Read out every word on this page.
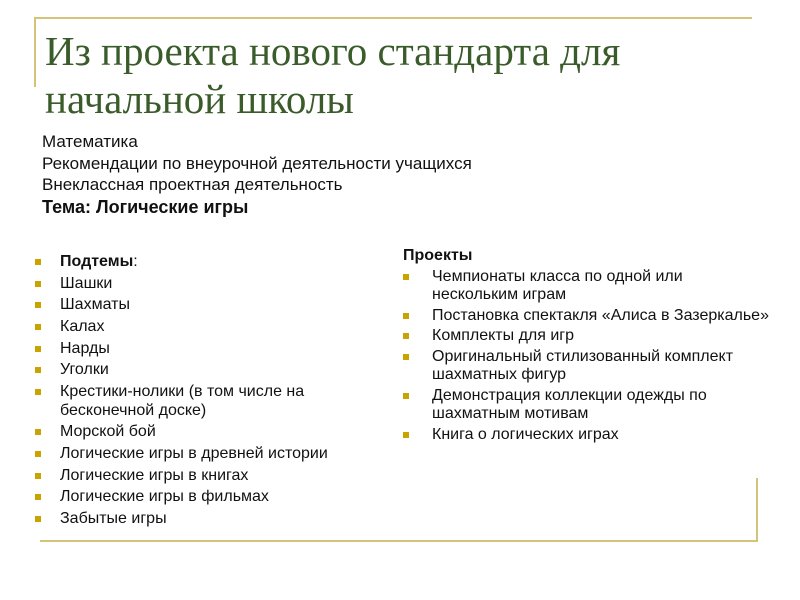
Из проекта нового стандарта для
начальной школы
Математика
Рекомендации по внеурочной деятельности учащихся
Внеклассная проектная деятельность
Тема: Логические игры
Подтемы:
Шашки
Шахматы
Калах
Нарды
Уголки
Крестики-нолики (в том числе на бесконечной доске)
Морской бой
Логические игры в древней истории
Логические игры в книгах
Логические игры в фильмах
Забытые игры
Проекты
Чемпионаты класса по одной или нескольким играм
Постановка спектакля «Алиса в Зазеркалье»
Комплекты для игр
Оригинальный стилизованный комплект шахматных фигур
Демонстрация коллекции одежды по шахматным мотивам
Книга о логических играх
